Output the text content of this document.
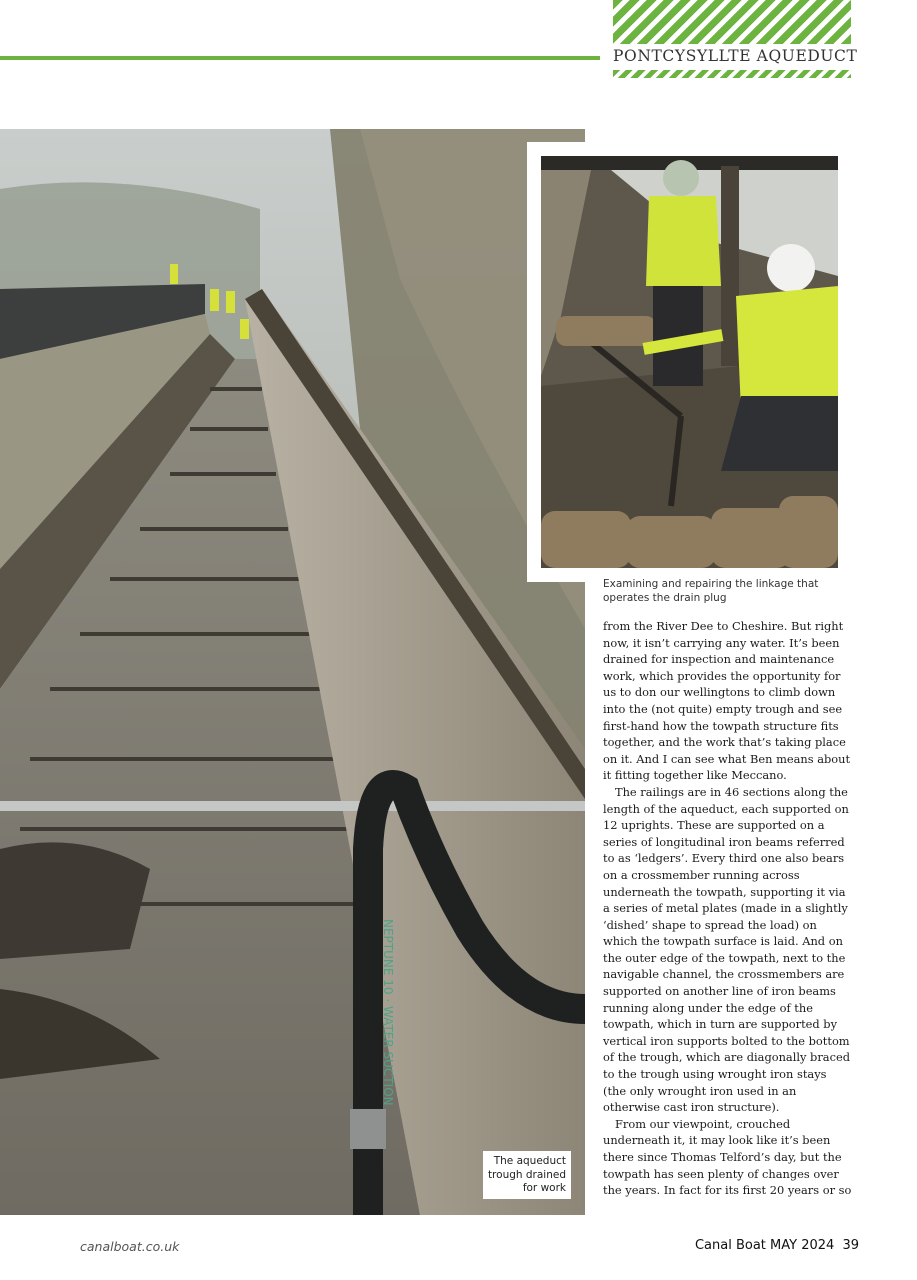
PONTCYSYLLTE AQUEDUCT
NEPTUNE 10 · WATER SUCTION
The aqueduct trough drained for work
Examining and repairing the linkage that operates the drain plug

from the River Dee to Cheshire. But right now, it isn’t carrying any water. It’s been drained for inspection and maintenance work, which provides the opportunity for us to don our wellingtons to climb down into the (not quite) empty trough and see first-hand how the towpath structure fits together, and the work that’s taking place on it. And I can see what Ben means about it fitting together like Meccano.

The railings are in 46 sections along the length of the aqueduct, each supported on 12 uprights. These are supported on a series of longitudinal iron beams referred to as ‘ledgers’. Every third one also bears on a crossmember running across underneath the towpath, supporting it via a series of metal plates (made in a slightly ‘dished’ shape to spread the load) on which the towpath surface is laid. And on the outer edge of the towpath, next to the navigable channel, the crossmembers are supported on another line of iron beams running along under the edge of the towpath, which in turn are supported by vertical iron supports bolted to the bottom of the trough, which are diagonally braced to the trough using wrought iron stays (the only wrought iron used in an otherwise cast iron structure).

From our viewpoint, crouched underneath it, it may look like it’s been there since Thomas Telford’s day, but the towpath has seen plenty of changes over the years. In fact for its first 20 years or so

canalboat.co.uk	Canal Boat MAY 2024 39
